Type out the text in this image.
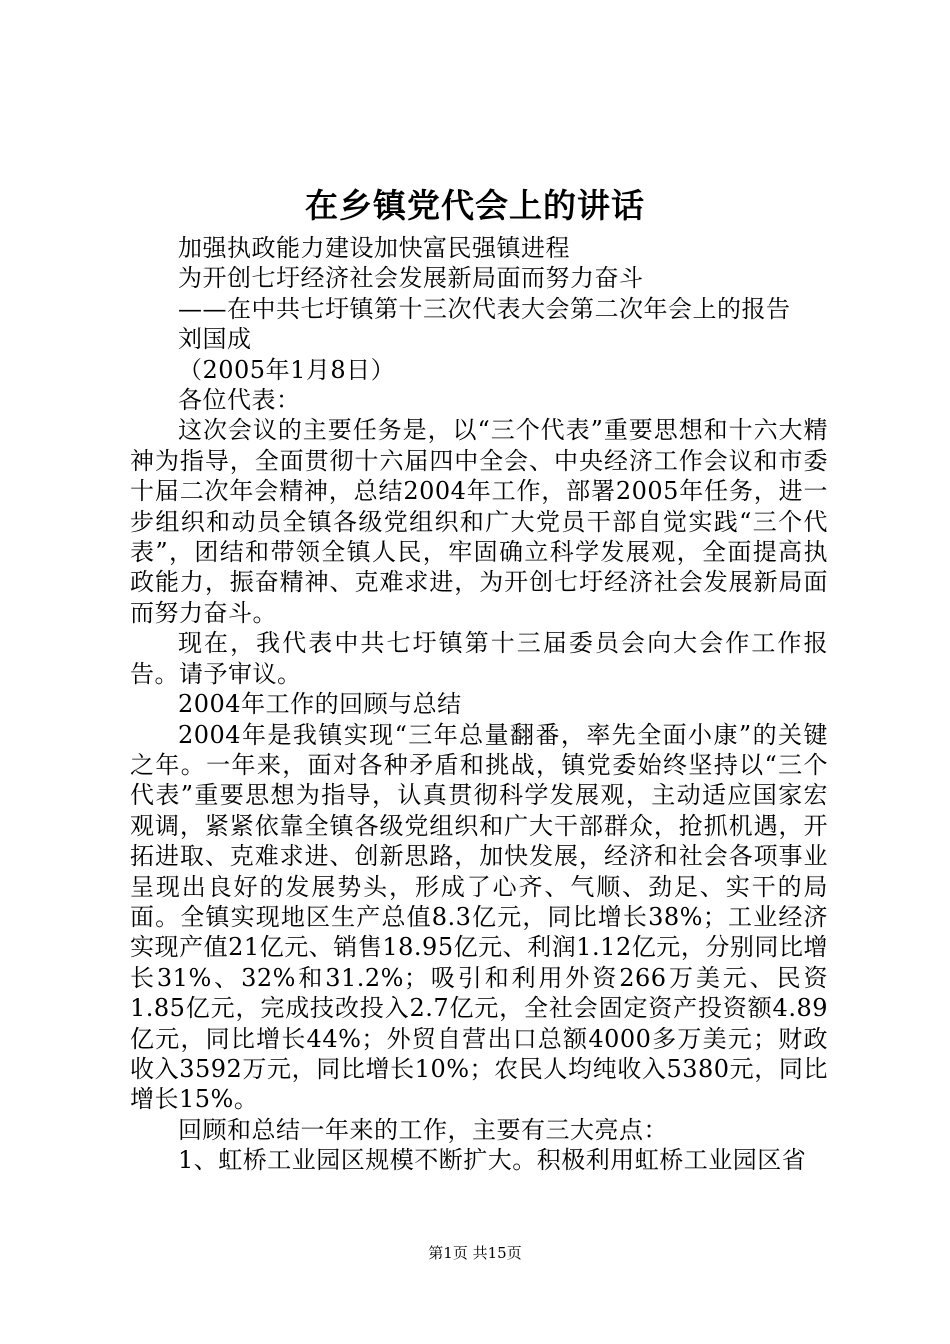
在乡镇党代会上的讲话

加强执政能力建设加快富民强镇进程

为开创七圩经济社会发展新局面而努力奋斗

——在中共七圩镇第十三次代表大会第二次年会上的报告

刘国成

（2005年1月8日）

各位代表：

这次会议的主要任务是，以“三个代表”重要思想和十六大精神为指导，全面贯彻十六届四中全会、中央经济工作会议和市委十届二次年会精神，总结2004年工作，部署2005年任务，进一步组织和动员全镇各级党组织和广大党员干部自觉实践“三个代表”，团结和带领全镇人民，牢固确立科学发展观，全面提高执政能力，振奋精神、克难求进，为开创七圩经济社会发展新局面而努力奋斗。

现在，我代表中共七圩镇第十三届委员会向大会作工作报告。请予审议。

2004年工作的回顾与总结

2004年是我镇实现“三年总量翻番，率先全面小康”的关键之年。一年来，面对各种矛盾和挑战，镇党委始终坚持以“三个代表”重要思想为指导，认真贯彻科学发展观，主动适应国家宏观调，紧紧依靠全镇各级党组织和广大干部群众，抢抓机遇，开拓进取、克难求进、创新思路，加快发展，经济和社会各项事业呈现出良好的发展势头，形成了心齐、气顺、劲足、实干的局面。全镇实现地区生产总值8.3亿元，同比增长38%；工业经济实现产值21亿元、销售18.95亿元、利润1.12亿元，分别同比增长31%、32%和31.2%；吸引和利用外资266万美元、民资1.85亿元，完成技改投入2.7亿元，全社会固定资产投资额4.89亿元，同比增长44%；外贸自营出口总额4000多万美元；财政收入3592万元，同比增长10%；农民人均纯收入5380元，同比增长15%。

回顾和总结一年来的工作，主要有三大亮点：

1、虹桥工业园区规模不断扩大。积极利用虹桥工业园区省

第1页 共15页
